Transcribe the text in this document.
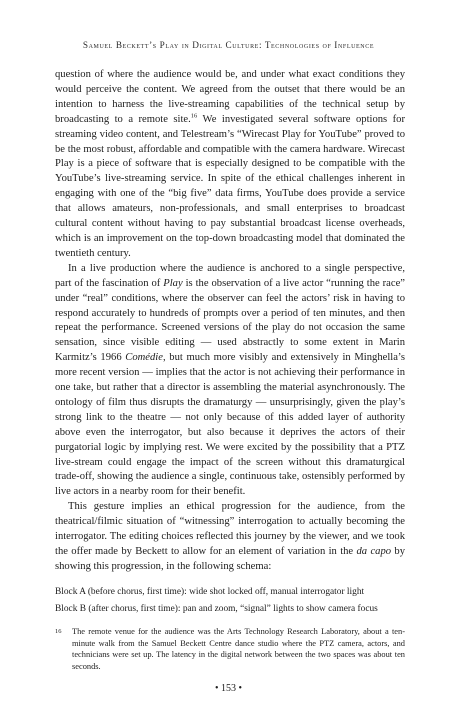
Samuel Beckett’s Play in Digital Culture: Technologies of Influence

question of where the audience would be, and under what exact conditions they would perceive the content. We agreed from the outset that there would be an intention to harness the live-streaming capabilities of the technical setup by broadcasting to a remote site.$^{16}$ We investigated several software options for streaming video content, and Telestream’s “Wirecast Play for YouTube” proved to be the most robust, affordable and compatible with the camera hardware. Wirecast Play is a piece of software that is especially designed to be compatible with the YouTube’s live-streaming service. In spite of the ethical challenges inherent in engaging with one of the “big five” data firms, YouTube does provide a service that allows amateurs, non-professionals, and small enterprises to broadcast cultural content without having to pay substantial broadcast license overheads, which is an improvement on the top-down broadcasting model that dominated the twentieth century.

In a live production where the audience is anchored to a single perspective, part of the fascination of Play is the observation of a live actor “running the race” under “real” conditions, where the observer can feel the actors’ risk in having to respond accurately to hundreds of prompts over a period of ten minutes, and then repeat the performance. Screened versions of the play do not occasion the same sensation, since visible editing — used abstractly to some extent in Marin Karmitz’s 1966 Comédie, but much more visibly and extensively in Minghella’s more recent version — implies that the actor is not achieving their performance in one take, but rather that a director is assembling the material asynchronously. The ontology of film thus disrupts the dramaturgy — unsurprisingly, given the play’s strong link to the theatre — not only because of this added layer of authority above even the interrogator, but also because it deprives the actors of their purgatorial logic by implying rest. We were excited by the possibility that a PTZ live-stream could engage the impact of the screen without this dramaturgical trade-off, showing the audience a single, continuous take, ostensibly performed by live actors in a nearby room for their benefit.

This gesture implies an ethical progression for the audience, from the theatrical/filmic situation of “witnessing” interrogation to actually becoming the interrogator. The editing choices reflected this journey by the viewer, and we took the offer made by Beckett to allow for an element of variation in the da capo by showing this progression, in the following schema:

Block A (before chorus, first time): wide shot locked off, manual interrogator light
Block B (after chorus, first time): pan and zoom, “signal” lights to show camera focus
16	The remote venue for the audience was the Arts Technology Research Laboratory, about a ten-minute walk from the Samuel Beckett Centre dance studio where the PTZ camera, actors, and technicians were set up. The latency in the digital network between the two spaces was about ten seconds.
• 153 •
